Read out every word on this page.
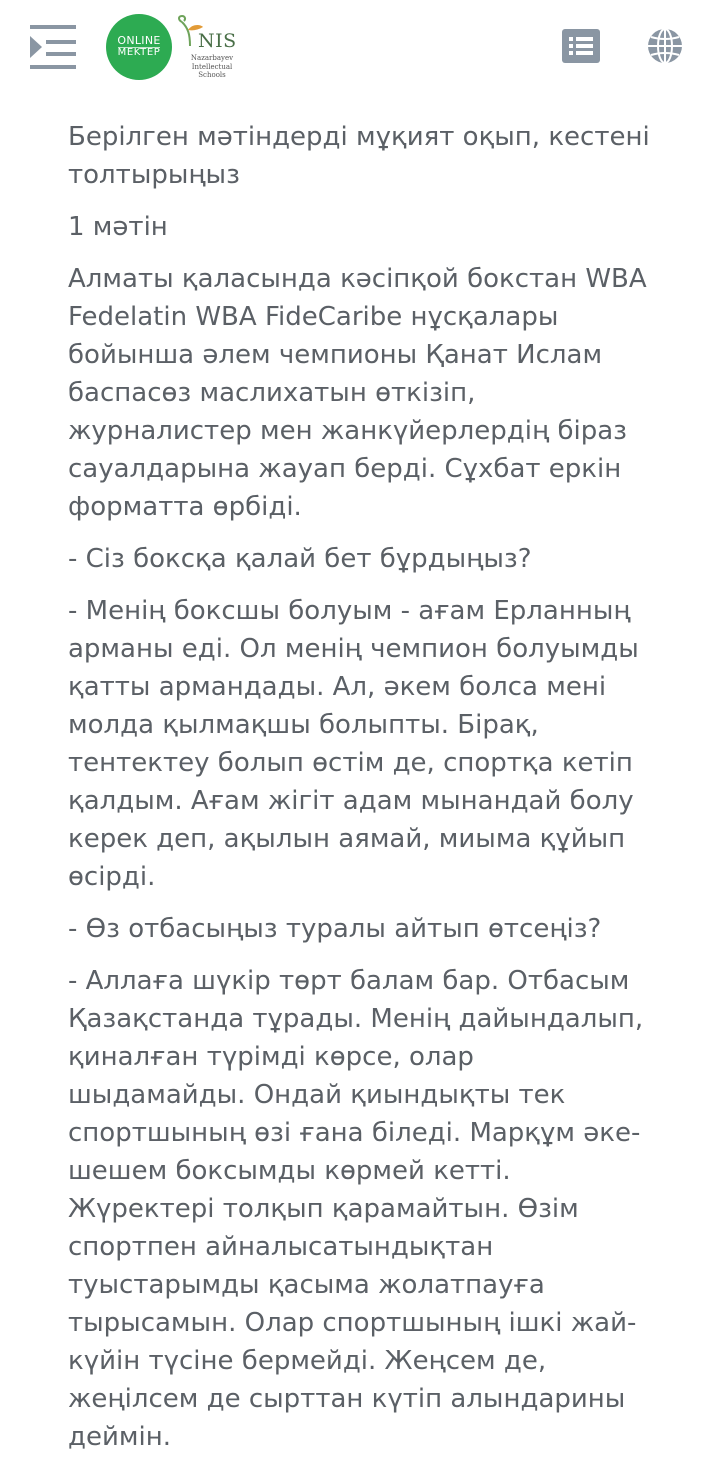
ONLINE
MEKTEP
NIS
Nazarbayev
Intellectual
Schools

Берілген мәтіндерді мұқият оқып, кестені толтырыңыз

1 мәтін

Алматы қаласында кәсіпқой бокстан WBA Fedelatin WBA FideCaribe нұсқалары бойынша әлем чемпионы Қанат Ислам баспасөз маслихатын өткізіп, журналистер мен жанкүйерлердің біраз сауалдарына жауап берді. Сұхбат еркін форматта өрбіді.

- Сіз боксқа қалай бет бұрдыңыз?

- Менің боксшы болуым - ағам Ерланның арманы еді. Ол менің чемпион болуымды қатты армандады. Ал, әкем болса мені молда қылмақшы болыпты. Бірақ, тентектеу болып өстім де, спортқа кетіп қалдым. Ағам жігіт адам мынандай болу керек деп, ақылын аямай, миыма құйып өсірді.

- Өз отбасыңыз туралы айтып өтсеңіз?

- Аллаға шүкір төрт балам бар. Отбасым Қазақстанда тұрады. Менің дайындалып, қиналған түрімді көрсе, олар шыдамайды. Ондай қиындықты тек спортшының өзі ғана біледі. Марқұм әке-шешем боксымды көрмей кетті. Жүректері толқып қарамайтын. Өзім спортпен айналысатындықтан туыстарымды қасыма жолатпауға тырысамын. Олар спортшының ішкі жай-күйін түсіне бермейді. Жеңсем де, жеңілсем де сырттан күтіп алындарины деймін.
